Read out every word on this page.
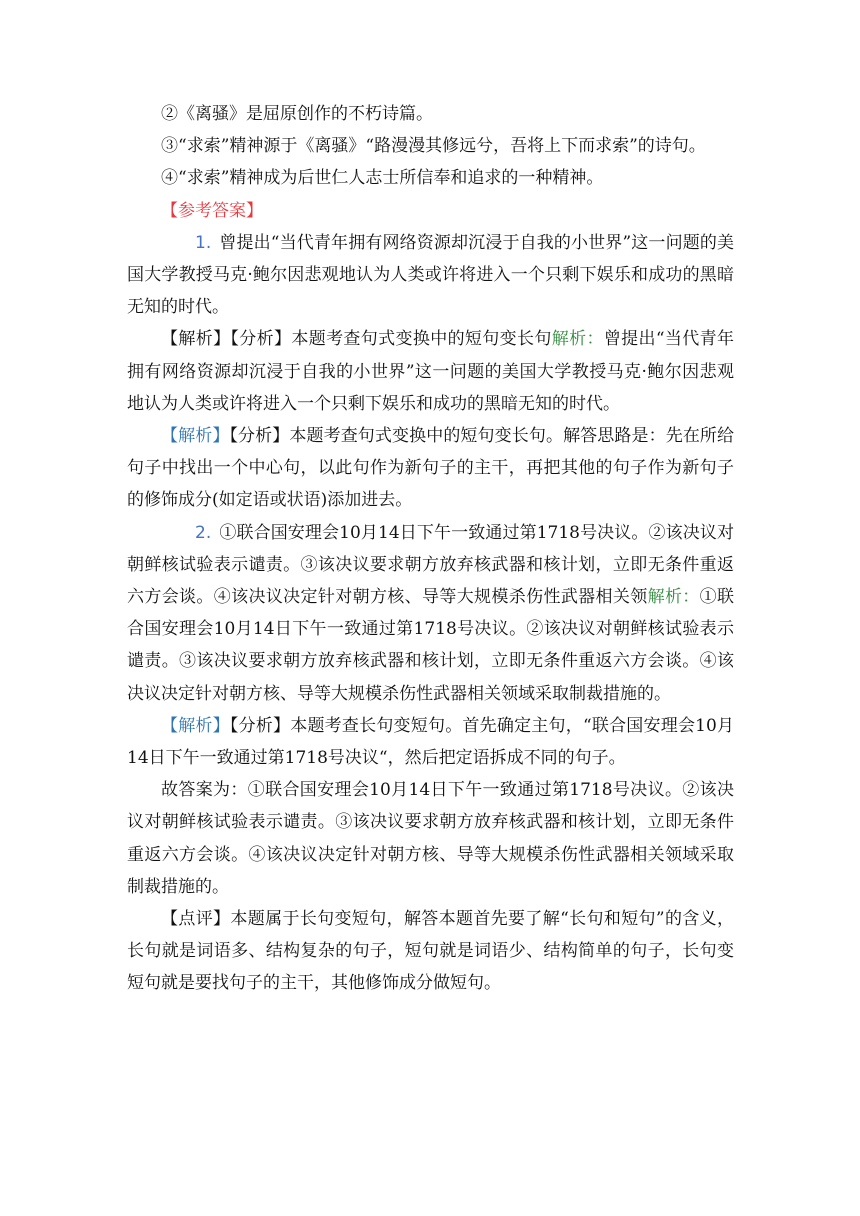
②《离骚》是屈原创作的不朽诗篇。

③“求索”精神源于《离骚》“路漫漫其修远兮，吾将上下而求索”的诗句。

④“求索”精神成为后世仁人志士所信奉和追求的一种精神。

【参考答案】

1. 曾提出“当代青年拥有网络资源却沉浸于自我的小世界”这一问题的美国大学教授马克·鲍尔因悲观地认为人类或许将进入一个只剩下娱乐和成功的黑暗无知的时代。

【解析】【分析】本题考查句式变换中的短句变长句解析：曾提出“当代青年拥有网络资源却沉浸于自我的小世界”这一问题的美国大学教授马克·鲍尔因悲观地认为人类或许将进入一个只剩下娱乐和成功的黑暗无知的时代。

【解析】【分析】本题考查句式变换中的短句变长句。解答思路是：先在所给句子中找出一个中心句，以此句作为新句子的主干，再把其他的句子作为新句子的修饰成分(如定语或状语)添加进去。

2. ①联合国安理会10月14日下午一致通过第1718号决议。②该决议对朝鲜核试验表示谴责。③该决议要求朝方放弃核武器和核计划，立即无条件重返六方会谈。④该决议决定针对朝方核、导等大规模杀伤性武器相关领解析：①联合国安理会10月14日下午一致通过第1718号决议。②该决议对朝鲜核试验表示谴责。③该决议要求朝方放弃核武器和核计划，立即无条件重返六方会谈。④该决议决定针对朝方核、导等大规模杀伤性武器相关领域采取制裁措施的。

【解析】【分析】本题考查长句变短句。首先确定主句，“联合国安理会10月14日下午一致通过第1718号决议“，然后把定语拆成不同的句子。

故答案为：①联合国安理会10月14日下午一致通过第1718号决议。②该决议对朝鲜核试验表示谴责。③该决议要求朝方放弃核武器和核计划，立即无条件重返六方会谈。④该决议决定针对朝方核、导等大规模杀伤性武器相关领域采取制裁措施的。

【点评】本题属于长句变短句，解答本题首先要了解“长句和短句”的含义，长句就是词语多、结构复杂的句子，短句就是词语少、结构简单的句子，长句变短句就是要找句子的主干，其他修饰成分做短句。
